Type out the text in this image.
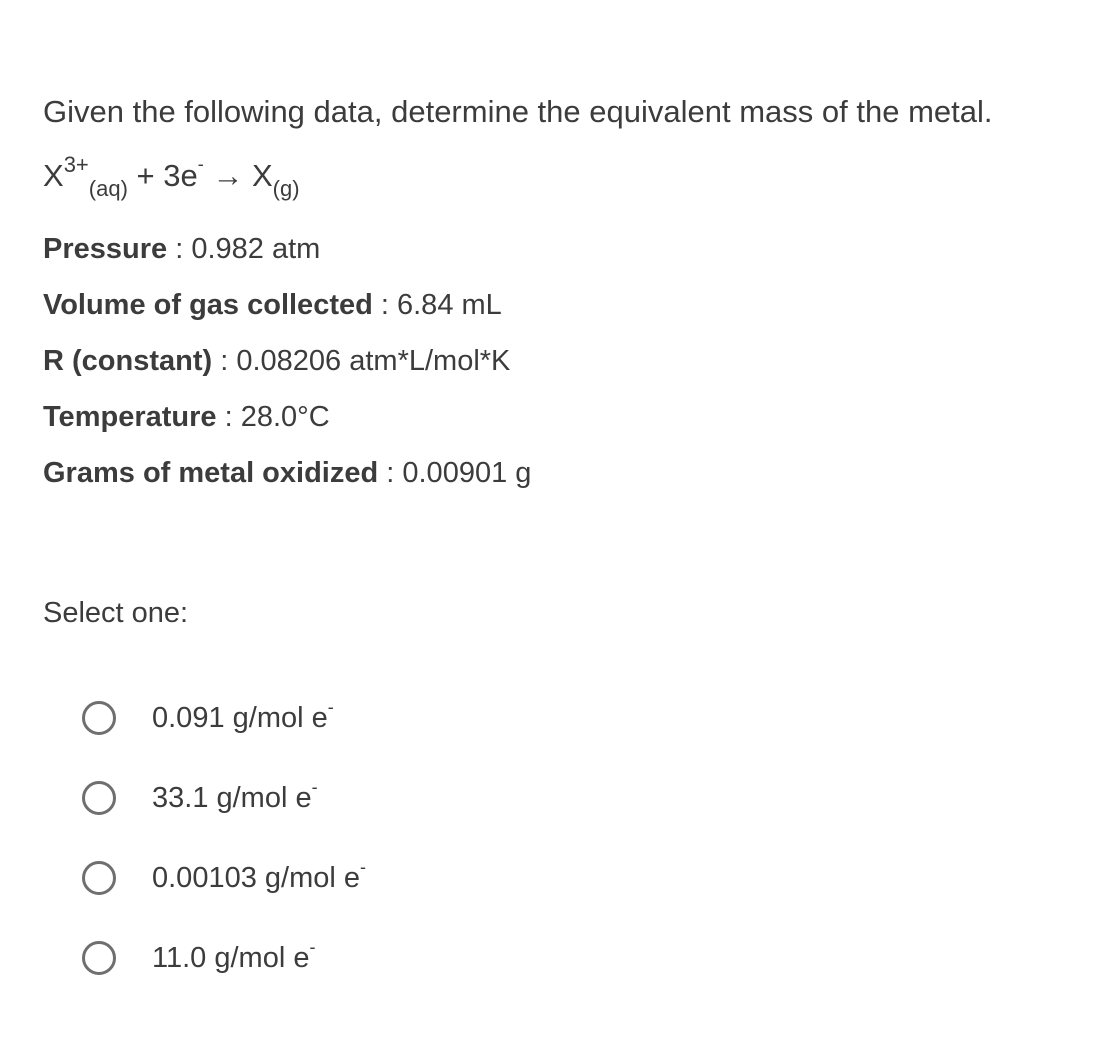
Given the following data, determine the equivalent mass of the metal.
$X^{3+}_{(aq)} + 3e^- \to X_{(g)}$
Pressure : 0.982 atm
Volume of gas collected : 6.84 mL
R (constant) : 0.08206 atm*L/mol*K
Temperature : 28.0°C
Grams of metal oxidized : 0.00901 g
Select one:
0.091 g/mol e-
33.1 g/mol e-
0.00103 g/mol e-
11.0 g/mol e-
